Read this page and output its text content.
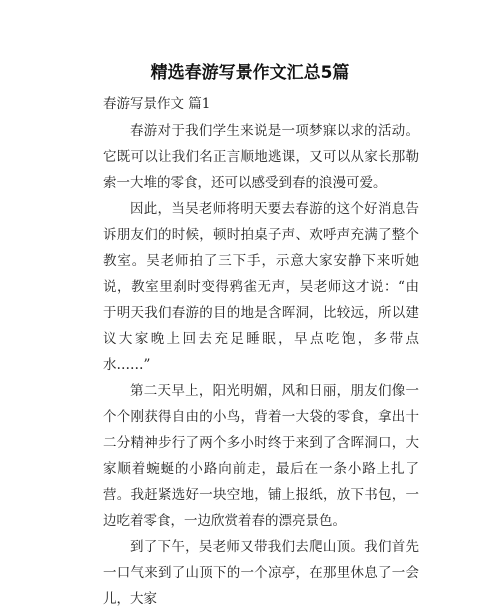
精选春游写景作文汇总5篇
春游写景作文 篇1

春游对于我们学生来说是一项梦寐以求的活动。它既可以让我们名正言顺地逃课，又可以从家长那勒索一大堆的零食，还可以感受到春的浪漫可爱。

因此，当吴老师将明天要去春游的这个好消息告诉朋友们的时候，顿时拍桌子声、欢呼声充满了整个教室。吴老师拍了三下手，示意大家安静下来听她说，教室里刹时变得鸦雀无声，吴老师这才说：“由于明天我们春游的目的地是含晖洞，比较远，所以建议大家晚上回去充足睡眠，早点吃饱，多带点水……”

第二天早上，阳光明媚，风和日丽，朋友们像一个个刚获得自由的小鸟，背着一大袋的零食，拿出十二分精神步行了两个多小时终于来到了含晖洞口，大家顺着蜿蜒的小路向前走，最后在一条小路上扎了营。我赶紧选好一块空地，铺上报纸，放下书包，一边吃着零食，一边欣赏着春的漂亮景色。

到了下午，吴老师又带我们去爬山顶。我们首先一口气来到了山顶下的一个凉亭，在那里休息了一会儿，大家
